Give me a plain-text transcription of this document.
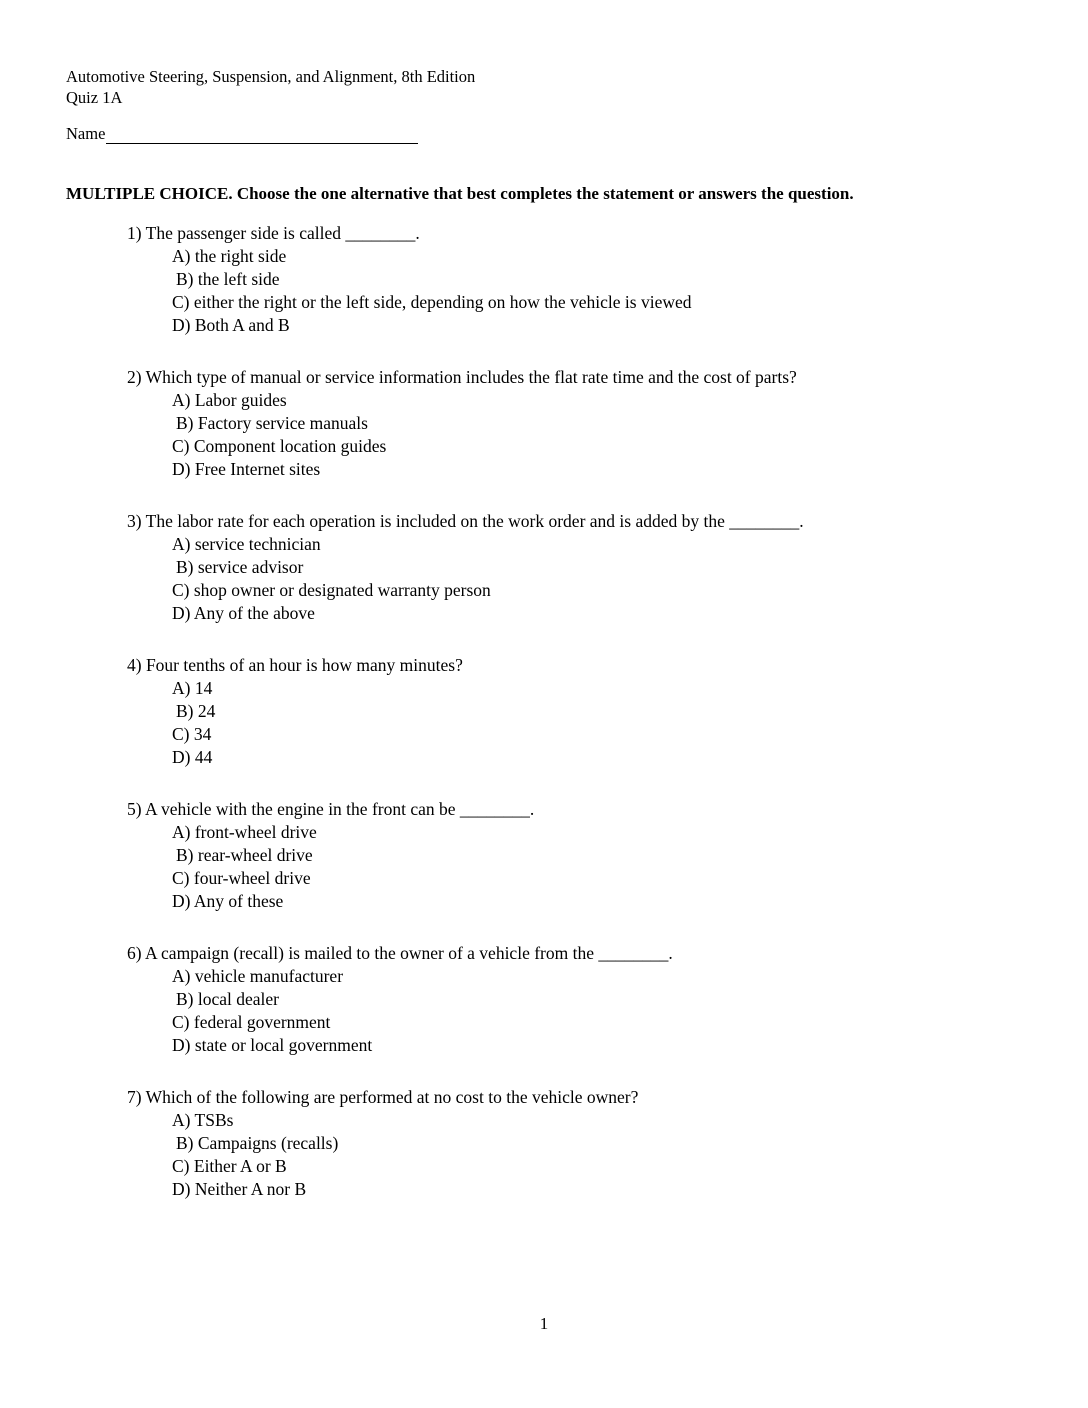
Automotive Steering, Suspension, and Alignment, 8th Edition
Quiz 1A
Name
MULTIPLE CHOICE. Choose the one alternative that best completes the statement or answers the question.
1) The passenger side is called ________.
A) the right side
B) the left side
C) either the right or the left side, depending on how the vehicle is viewed
D) Both A and B
2) Which type of manual or service information includes the flat rate time and the cost of parts?
A) Labor guides
B) Factory service manuals
C) Component location guides
D) Free Internet sites
3) The labor rate for each operation is included on the work order and is added by the ________.
A) service technician
B) service advisor
C) shop owner or designated warranty person
D) Any of the above
4) Four tenths of an hour is how many minutes?
A) 14
B) 24
C) 34
D) 44
5) A vehicle with the engine in the front can be ________.
A) front-wheel drive
B) rear-wheel drive
C) four-wheel drive
D) Any of these
6) A campaign (recall) is mailed to the owner of a vehicle from the ________.
A) vehicle manufacturer
B) local dealer
C) federal government
D) state or local government
7) Which of the following are performed at no cost to the vehicle owner?
A) TSBs
B) Campaigns (recalls)
C) Either A or B
D) Neither A nor B
1
